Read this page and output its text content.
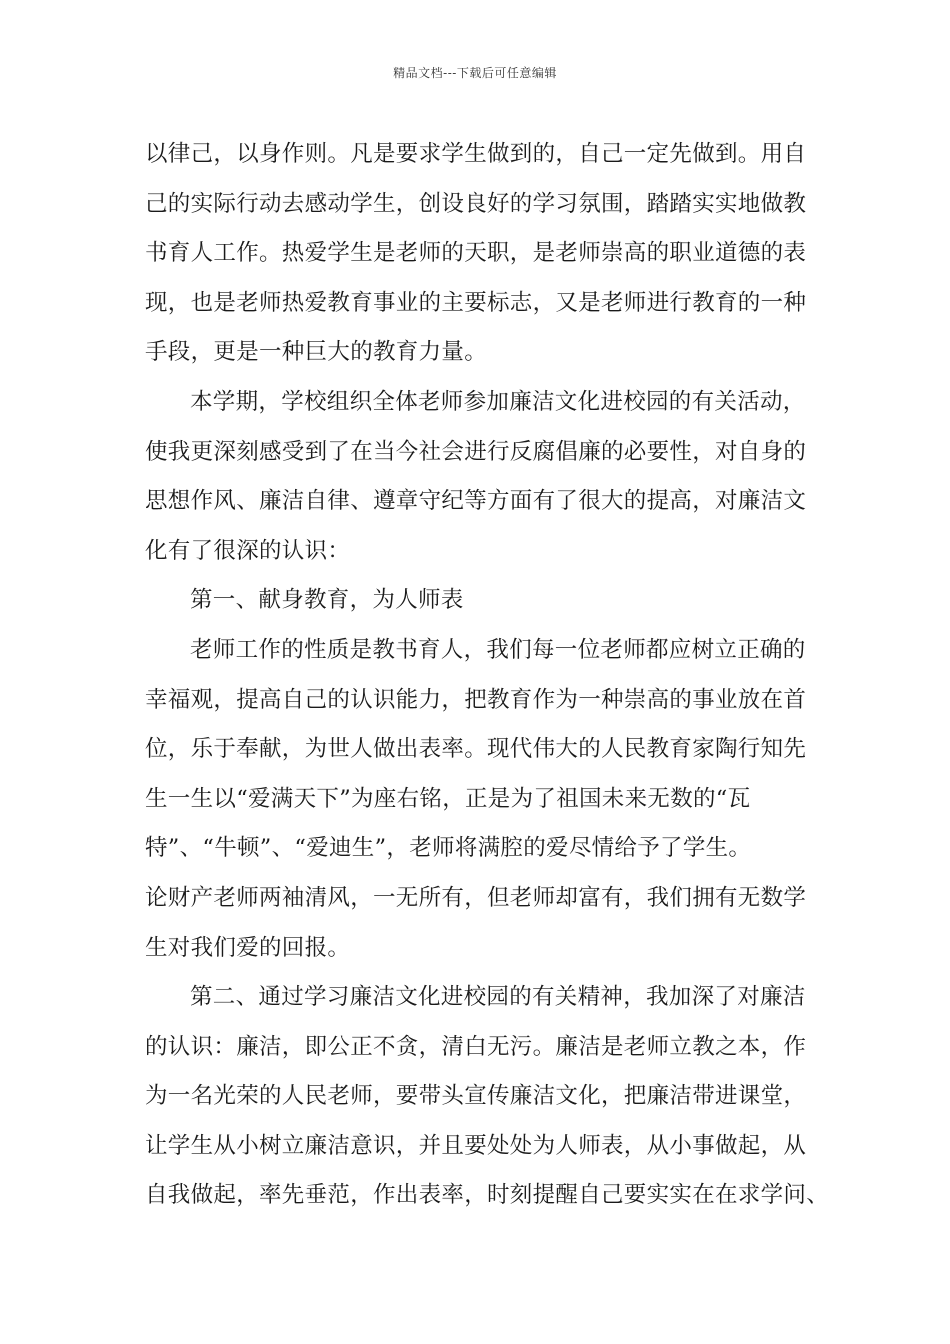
精品文档---下载后可任意编辑
以律己，以身作则。凡是要求学生做到的，自己一定先做到。用自
己的实际行动去感动学生，创设良好的学习氛围，踏踏实实地做教
书育人工作。热爱学生是老师的天职，是老师崇高的职业道德的表
现，也是老师热爱教育事业的主要标志，又是老师进行教育的一种
手段，更是一种巨大的教育力量。
本学期，学校组织全体老师参加廉洁文化进校园的有关活动，
使我更深刻感受到了在当今社会进行反腐倡廉的必要性，对自身的
思想作风、廉洁自律、遵章守纪等方面有了很大的提高，对廉洁文
化有了很深的认识：
第一、献身教育，为人师表
老师工作的性质是教书育人，我们每一位老师都应树立正确的
幸福观，提高自己的认识能力，把教育作为一种崇高的事业放在首
位，乐于奉献，为世人做出表率。现代伟大的人民教育家陶行知先
生一生以“爱满天下”为座右铭，正是为了祖国未来无数的“瓦
特”、“牛顿”、“爱迪生”，老师将满腔的爱尽情给予了学生。
论财产老师两袖清风，一无所有，但老师却富有，我们拥有无数学
生对我们爱的回报。
第二、通过学习廉洁文化进校园的有关精神，我加深了对廉洁
的认识：廉洁，即公正不贪，清白无污。廉洁是老师立教之本，作
为一名光荣的人民老师，要带头宣传廉洁文化，把廉洁带进课堂，
让学生从小树立廉洁意识，并且要处处为人师表，从小事做起，从
自我做起，率先垂范，作出表率，时刻提醒自己要实实在在求学问、
